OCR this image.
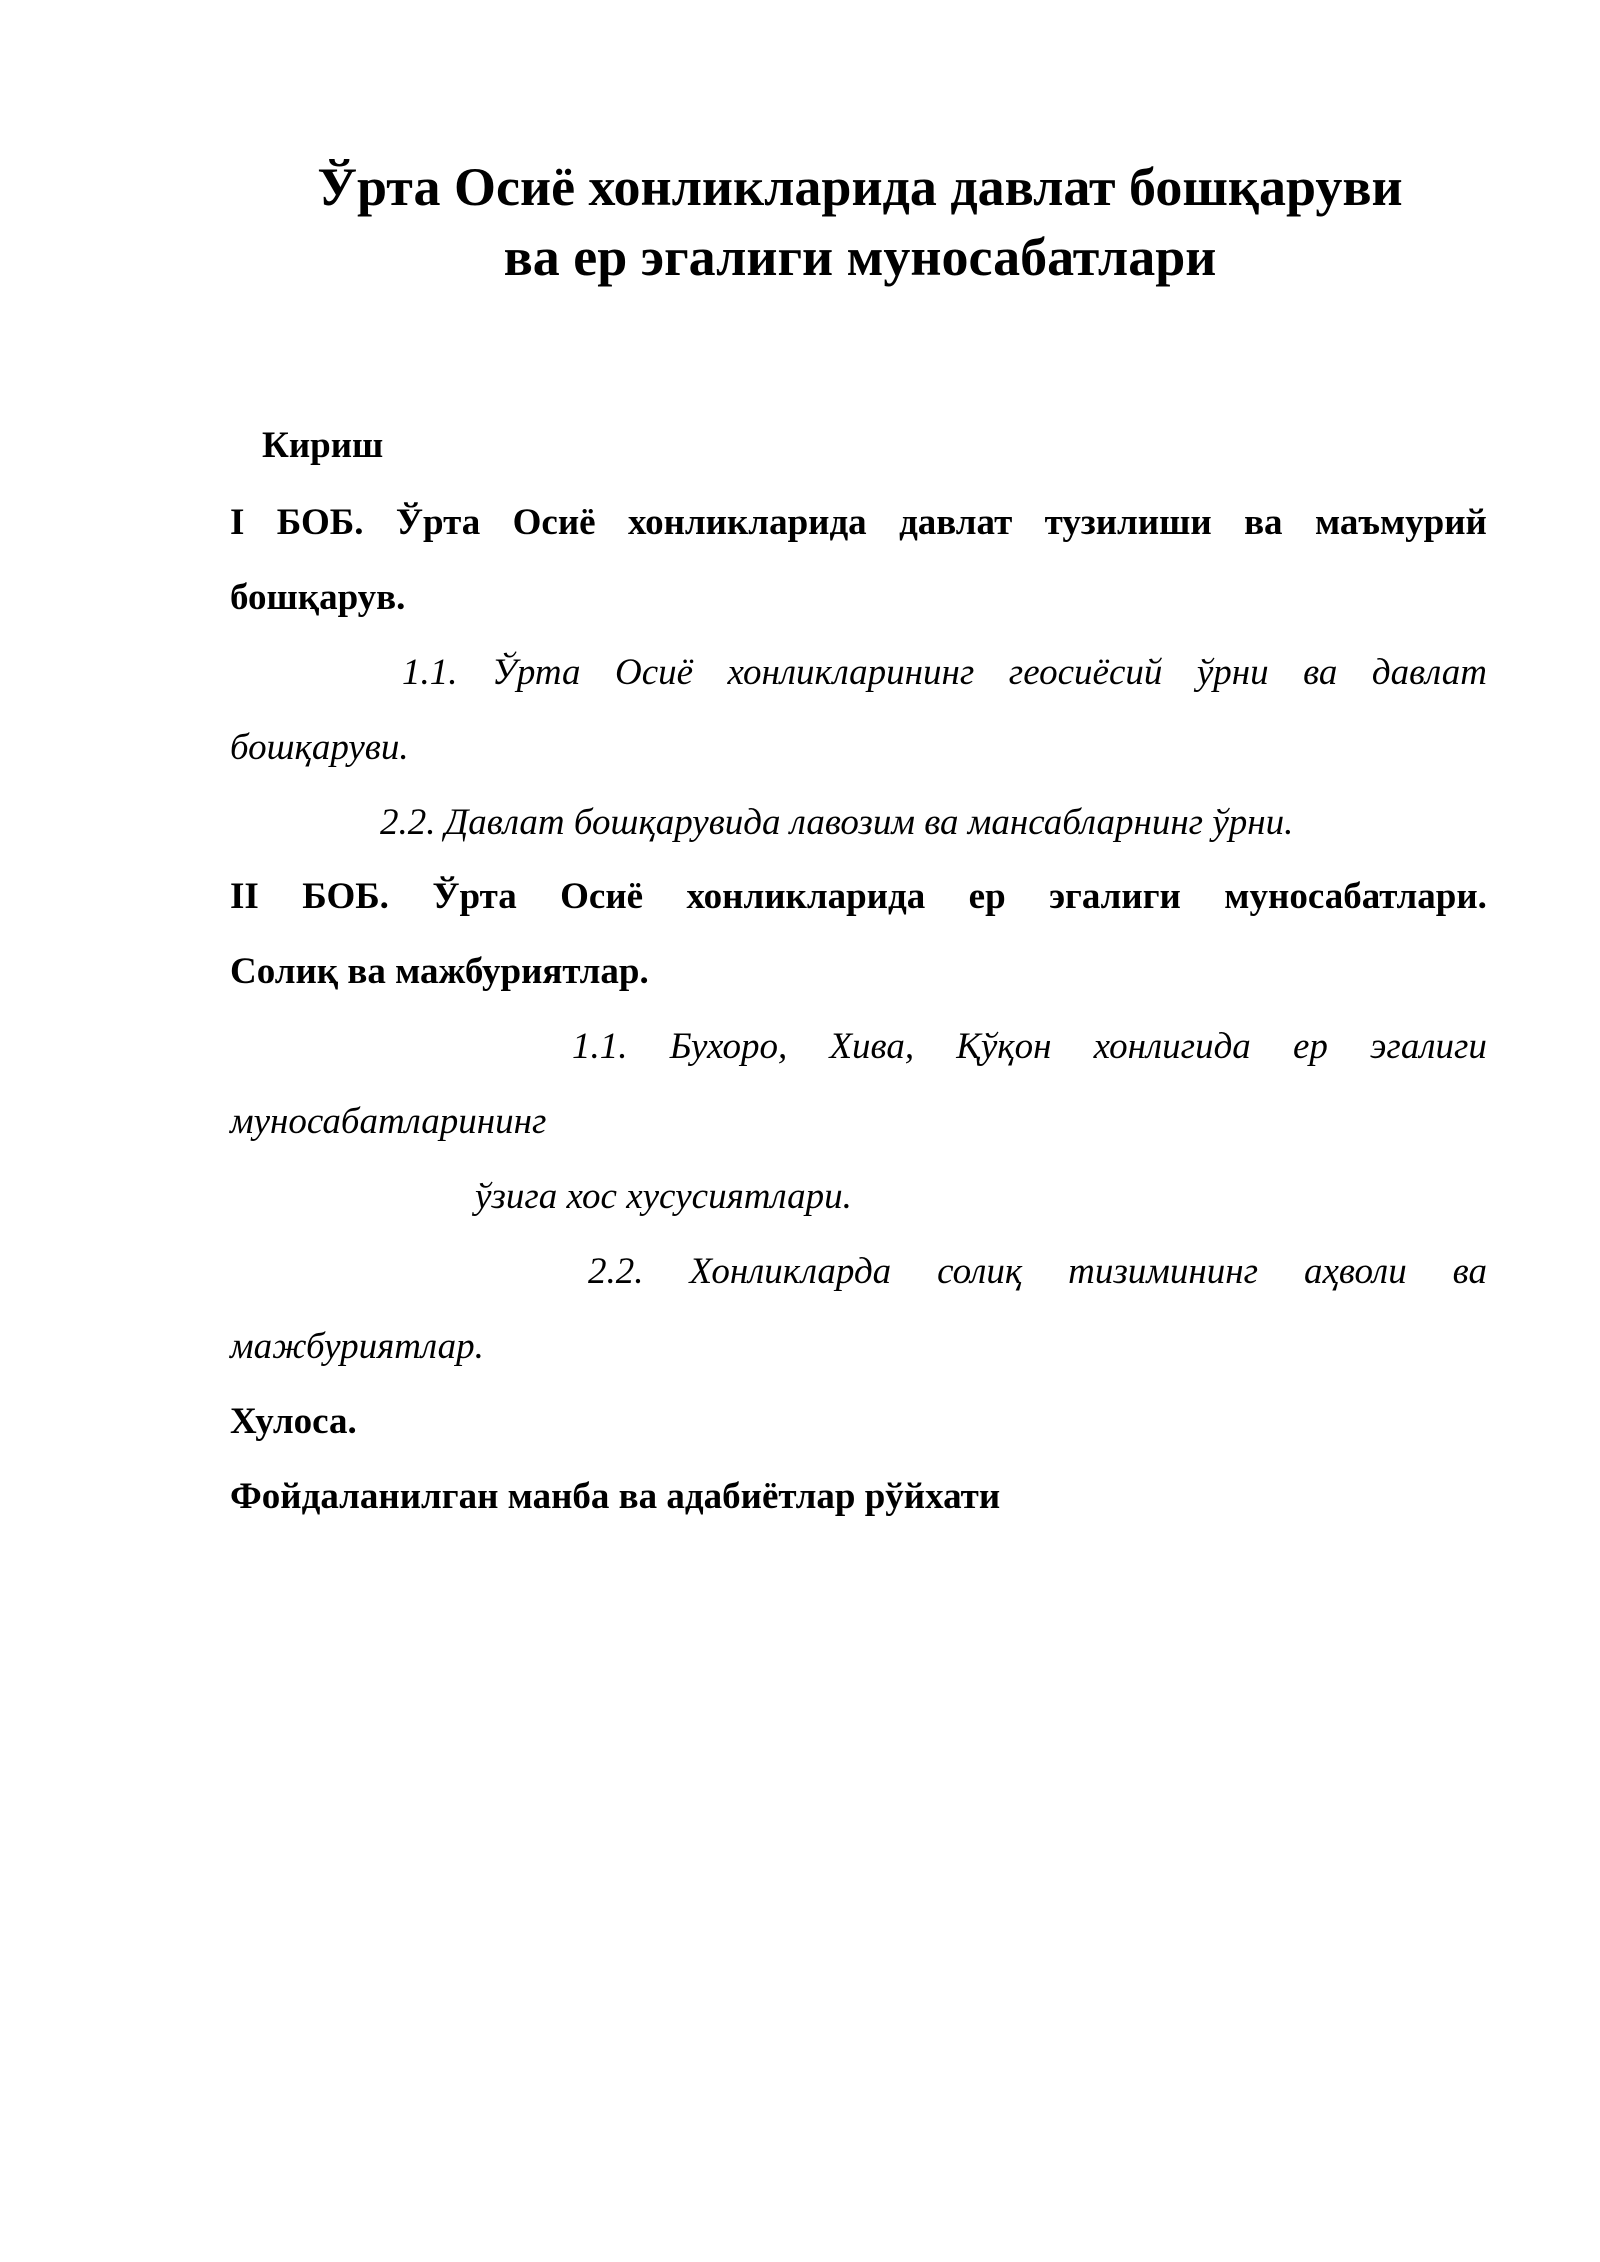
Ўрта Осиё хонликларида давлат бошқаруви
ва ер эгалиги муносабатлари

Кириш

I БОБ. Ўрта Осиё хонликларида давлат тузилиши ва маъмурий

бошқарув.

1.1. Ўрта Осиё хонликларининг геосиёсий ўрни ва давлат

бошқаруви.

2.2. Давлат бошқарувида лавозим ва мансабларнинг ўрни.

II БОБ. Ўрта Осиё хонликларида ер эгалиги муносабатлари.

Солиқ ва мажбуриятлар.

1.1. Бухоро, Хива, Қўқон хонлигида ер эгалиги

муносабатларининг

ўзига хос хусусиятлари.

2.2. Хонликларда солиқ тизимининг аҳволи ва

мажбуриятлар.

Хулоса.

Фойдаланилган манба ва адабиётлар рўйхати
